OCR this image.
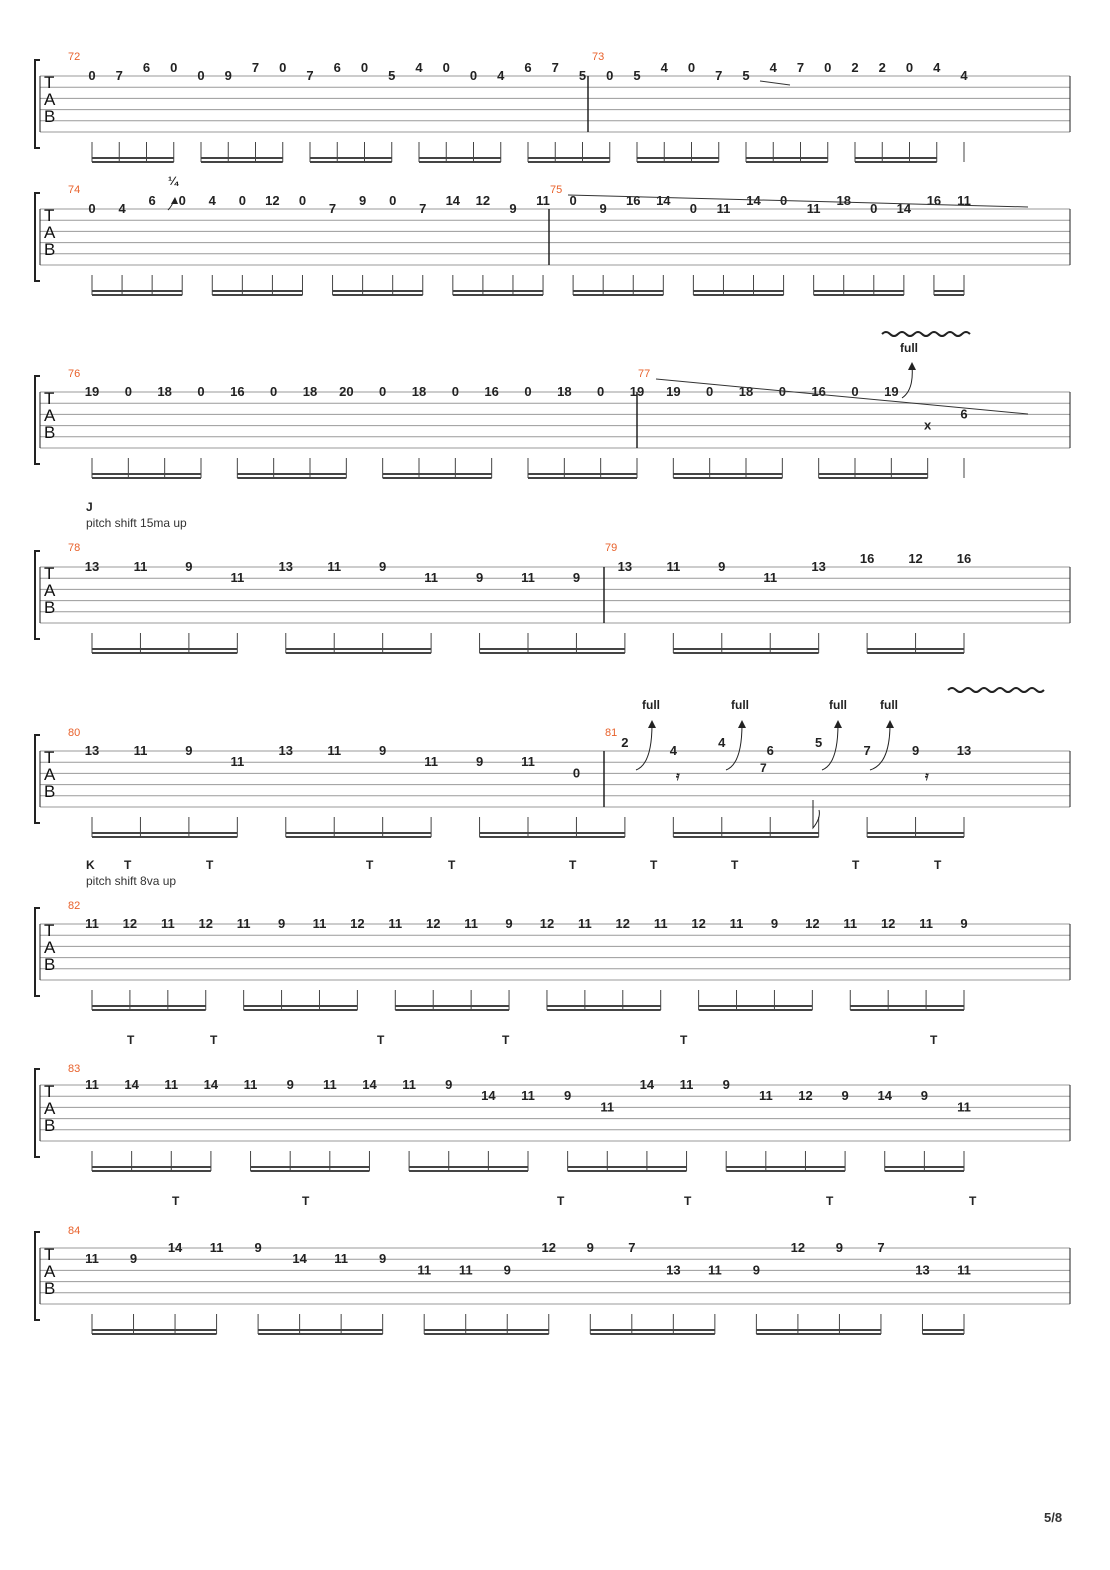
T
A
B
72	73
0 7
6 0
0 9
7 0
7
6 0
5
4 0
0 4
6 7
5 0 5
4 0
7 5
4 7 0 2 2 0 4
4
T
A
B
74	75
¼
0 4
6 0 4 0 12 0
7
9 0
7
14 12
9
11 0
9
16 14
0 11
14 0
11
18
0 14
16 11
T
A
B
76	77
full
19 0 18 0 16 0 18 20 0 18 0 16 0 18 0 19 19 0 18 0 16 0 19
x
6
T
A
B
78	79
J
pitch shift 15ma up
13	11	9
11
13	11	9
11	9	11	9
13	11	9
11
13
16	12	16
T
A
B
80	81
full	full	full	full
13	11	9
11
13	11	9
11	9	11
0
2
4
4
6
5
7	9	13
T
A
B
82
K
pitch shift 8va up
T	T	T	T	T	T	T	T	T
11 12 11 12 11 9 11 12 11 12 11 9 12 11 12 11 12 11 9 12 11 12 11 9
T
A
B
83
T	T	T	T	T	T
11 14 11 14 11 9 11 14 11 9
14 11 9
11
14 11 9
11 12 9 14 9
11
T
A
B
84
T	T	T	T	T	T
11 9
14 11 9
14 11 9
11 11 9
12 9	7
13 11 9
12 9	7
13 11
𝄿
7
𝄿
5/8
